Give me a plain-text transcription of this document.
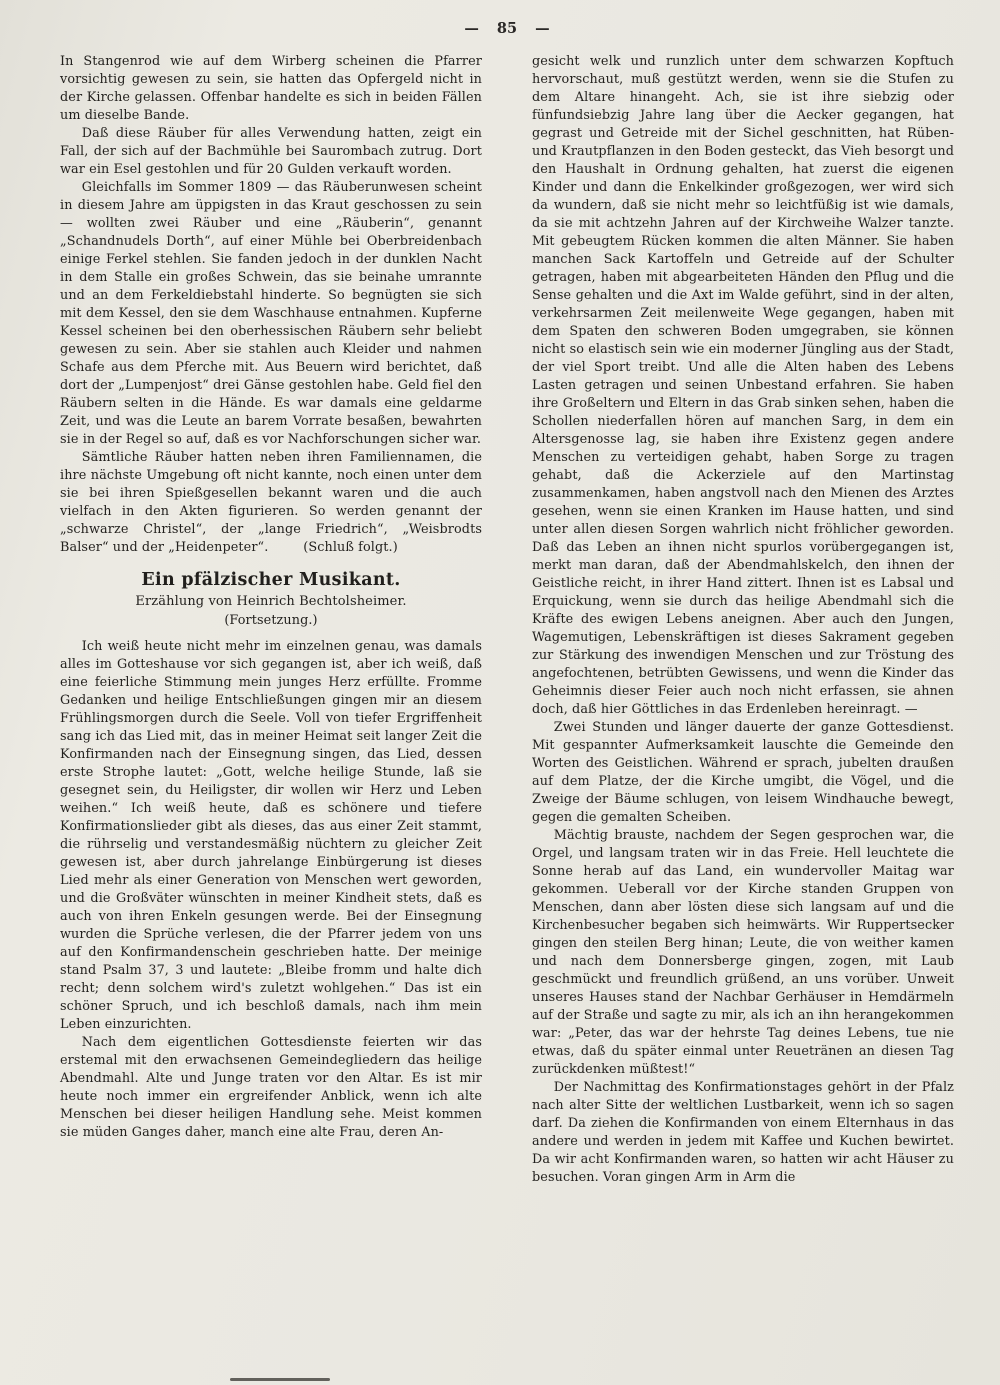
— 85 —

In Stangenrod wie auf dem Wirberg scheinen die Pfarrer vorsichtig gewesen zu sein, sie hatten das Opfergeld nicht in der Kirche gelassen. Offenbar handelte es sich in beiden Fällen um dieselbe Bande.

Daß diese Räuber für alles Verwendung hatten, zeigt ein Fall, der sich auf der Bachmühle bei Saurombach zutrug. Dort war ein Esel gestohlen und für 20 Gulden verkauft worden.

Gleichfalls im Sommer 1809 — das Räuberunwesen scheint in diesem Jahre am üppigsten in das Kraut geschossen zu sein — wollten zwei Räuber und eine „Räuberin“, genannt „Schandnudels Dorth“, auf einer Mühle bei Oberbreidenbach einige Ferkel stehlen. Sie fanden jedoch in der dunklen Nacht in dem Stalle ein großes Schwein, das sie beinahe umrannte und an dem Ferkeldiebstahl hinderte. So begnügten sie sich mit dem Kessel, den sie dem Waschhause entnahmen. Kupferne Kessel scheinen bei den oberhessischen Räubern sehr beliebt gewesen zu sein. Aber sie stahlen auch Kleider und nahmen Schafe aus dem Pferche mit. Aus Beuern wird berichtet, daß dort der „Lumpenjost“ drei Gänse gestohlen habe. Geld fiel den Räubern selten in die Hände. Es war damals eine geldarme Zeit, und was die Leute an barem Vorrate besaßen, bewahrten sie in der Regel so auf, daß es vor Nachforschungen sicher war.

Sämtliche Räuber hatten neben ihren Familiennamen, die ihre nächste Umgebung oft nicht kannte, noch einen unter dem sie bei ihren Spießgesellen bekannt waren und die auch vielfach in den Akten figurieren. So werden genannt der „schwarze Christel“, der „lange Friedrich“, „Weisbrodts Balser“ und der „Heidenpeter“.	(Schluß folgt.)

Ein pfälzischer Musikant.
Erzählung von Heinrich Bechtolsheimer.
(Fortsetzung.)

Ich weiß heute nicht mehr im einzelnen genau, was damals alles im Gotteshause vor sich gegangen ist, aber ich weiß, daß eine feierliche Stimmung mein junges Herz erfüllte. Fromme Gedanken und heilige Entschließungen gingen mir an diesem Frühlingsmorgen durch die Seele. Voll von tiefer Ergriffenheit sang ich das Lied mit, das in meiner Heimat seit langer Zeit die Konfirmanden nach der Einsegnung singen, das Lied, dessen erste Strophe lautet: „Gott, welche heilige Stunde, laß sie gesegnet sein, du Heiligster, dir wollen wir Herz und Leben weihen.“ Ich weiß heute, daß es schönere und tiefere Konfirmationslieder gibt als dieses, das aus einer Zeit stammt, die rührselig und verstandesmäßig nüchtern zu gleicher Zeit gewesen ist, aber durch jahrelange Einbürgerung ist dieses Lied mehr als einer Generation von Menschen wert geworden, und die Großväter wünschten in meiner Kindheit stets, daß es auch von ihren Enkeln gesungen werde. Bei der Einsegnung wurden die Sprüche verlesen, die der Pfarrer jedem von uns auf den Konfirmandenschein geschrieben hatte. Der meinige stand Psalm 37, 3 und lautete: „Bleibe fromm und halte dich recht; denn solchem wird's zuletzt wohlgehen.“ Das ist ein schöner Spruch, und ich beschloß damals, nach ihm mein Leben einzurichten.

Nach dem eigentlichen Gottesdienste feierten wir das erstemal mit den erwachsenen Gemeindegliedern das heilige Abendmahl. Alte und Junge traten vor den Altar. Es ist mir heute noch immer ein ergreifender Anblick, wenn ich alte Menschen bei dieser heiligen Handlung sehe. Meist kommen sie müden Ganges daher, manch eine alte Frau, deren An-

gesicht welk und runzlich unter dem schwarzen Kopftuch hervorschaut, muß gestützt werden, wenn sie die Stufen zu dem Altare hinangeht. Ach, sie ist ihre siebzig oder fünfundsiebzig Jahre lang über die Aecker gegangen, hat gegrast und Getreide mit der Sichel geschnitten, hat Rüben- und Krautpflanzen in den Boden gesteckt, das Vieh besorgt und den Haushalt in Ordnung gehalten, hat zuerst die eigenen Kinder und dann die Enkelkinder großgezogen, wer wird sich da wundern, daß sie nicht mehr so leichtfüßig ist wie damals, da sie mit achtzehn Jahren auf der Kirchweihe Walzer tanzte. Mit gebeugtem Rücken kommen die alten Männer. Sie haben manchen Sack Kartoffeln und Getreide auf der Schulter getragen, haben mit abgearbeiteten Händen den Pflug und die Sense gehalten und die Axt im Walde geführt, sind in der alten, verkehrsarmen Zeit meilenweite Wege gegangen, haben mit dem Spaten den schweren Boden umgegraben, sie können nicht so elastisch sein wie ein moderner Jüngling aus der Stadt, der viel Sport treibt. Und alle die Alten haben des Lebens Lasten getragen und seinen Unbestand erfahren. Sie haben ihre Großeltern und Eltern in das Grab sinken sehen, haben die Schollen niederfallen hören auf manchen Sarg, in dem ein Altersgenosse lag, sie haben ihre Existenz gegen andere Menschen zu verteidigen gehabt, haben Sorge zu tragen gehabt, daß die Ackerziele auf den Martinstag zusammenkamen, haben angstvoll nach den Mienen des Arztes gesehen, wenn sie einen Kranken im Hause hatten, und sind unter allen diesen Sorgen wahrlich nicht fröhlicher geworden. Daß das Leben an ihnen nicht spurlos vorübergegangen ist, merkt man daran, daß der Abendmahlskelch, den ihnen der Geistliche reicht, in ihrer Hand zittert. Ihnen ist es Labsal und Erquickung, wenn sie durch das heilige Abendmahl sich die Kräfte des ewigen Lebens aneignen. Aber auch den Jungen, Wagemutigen, Lebenskräftigen ist dieses Sakrament gegeben zur Stärkung des inwendigen Menschen und zur Tröstung des angefochtenen, betrübten Gewissens, und wenn die Kinder das Geheimnis dieser Feier auch noch nicht erfassen, sie ahnen doch, daß hier Göttliches in das Erdenleben hereinragt. —

Zwei Stunden und länger dauerte der ganze Gottesdienst. Mit gespannter Aufmerksamkeit lauschte die Gemeinde den Worten des Geistlichen. Während er sprach, jubelten draußen auf dem Platze, der die Kirche umgibt, die Vögel, und die Zweige der Bäume schlugen, von leisem Windhauche bewegt, gegen die gemalten Scheiben.

Mächtig brauste, nachdem der Segen gesprochen war, die Orgel, und langsam traten wir in das Freie. Hell leuchtete die Sonne herab auf das Land, ein wundervoller Maitag war gekommen. Ueberall vor der Kirche standen Gruppen von Menschen, dann aber lösten diese sich langsam auf und die Kirchenbesucher begaben sich heimwärts. Wir Ruppertsecker gingen den steilen Berg hinan; Leute, die von weither kamen und nach dem Donnersberge gingen, zogen, mit Laub geschmückt und freundlich grüßend, an uns vorüber. Unweit unseres Hauses stand der Nachbar Gerhäuser in Hemdärmeln auf der Straße und sagte zu mir, als ich an ihn herangekommen war: „Peter, das war der hehrste Tag deines Lebens, tue nie etwas, daß du später einmal unter Reuetränen an diesen Tag zurückdenken müßtest!“

Der Nachmittag des Konfirmationstages gehört in der Pfalz nach alter Sitte der weltlichen Lustbarkeit, wenn ich so sagen darf. Da ziehen die Konfirmanden von einem Elternhaus in das andere und werden in jedem mit Kaffee und Kuchen bewirtet. Da wir acht Konfirmanden waren, so hatten wir acht Häuser zu besuchen. Voran gingen Arm in Arm die
